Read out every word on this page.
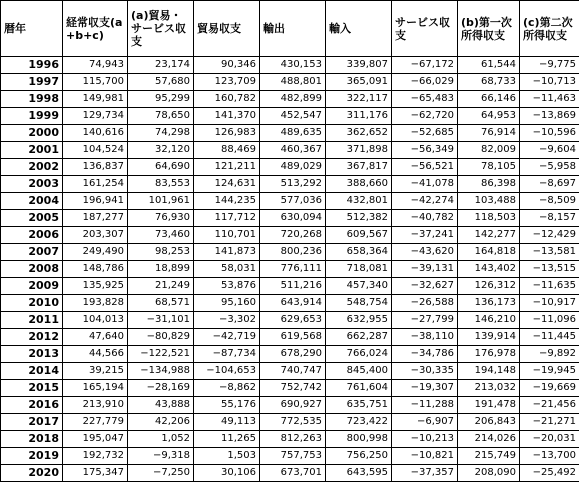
暦年	経常収支(a+b+c)	(a)貿易・サービス収支	貿易収支	輸出	輸入	サービス収支	(b)第一次所得収支	(c)第二次所得収支
1996	74,943	23,174	90,346	430,153	339,807	−67,172	61,544	−9,775
1997	115,700	57,680	123,709	488,801	365,091	−66,029	68,733	−10,713
1998	149,981	95,299	160,782	482,899	322,117	−65,483	66,146	−11,463
1999	129,734	78,650	141,370	452,547	311,176	−62,720	64,953	−13,869
2000	140,616	74,298	126,983	489,635	362,652	−52,685	76,914	−10,596
2001	104,524	32,120	88,469	460,367	371,898	−56,349	82,009	−9,604
2002	136,837	64,690	121,211	489,029	367,817	−56,521	78,105	−5,958
2003	161,254	83,553	124,631	513,292	388,660	−41,078	86,398	−8,697
2004	196,941	101,961	144,235	577,036	432,801	−42,274	103,488	−8,509
2005	187,277	76,930	117,712	630,094	512,382	−40,782	118,503	−8,157
2006	203,307	73,460	110,701	720,268	609,567	−37,241	142,277	−12,429
2007	249,490	98,253	141,873	800,236	658,364	−43,620	164,818	−13,581
2008	148,786	18,899	58,031	776,111	718,081	−39,131	143,402	−13,515
2009	135,925	21,249	53,876	511,216	457,340	−32,627	126,312	−11,635
2010	193,828	68,571	95,160	643,914	548,754	−26,588	136,173	−10,917
2011	104,013	−31,101	−3,302	629,653	632,955	−27,799	146,210	−11,096
2012	47,640	−80,829	−42,719	619,568	662,287	−38,110	139,914	−11,445
2013	44,566	−122,521	−87,734	678,290	766,024	−34,786	176,978	−9,892
2014	39,215	−134,988	−104,653	740,747	845,400	−30,335	194,148	−19,945
2015	165,194	−28,169	−8,862	752,742	761,604	−19,307	213,032	−19,669
2016	213,910	43,888	55,176	690,927	635,751	−11,288	191,478	−21,456
2017	227,779	42,206	49,113	772,535	723,422	−6,907	206,843	−21,271
2018	195,047	1,052	11,265	812,263	800,998	−10,213	214,026	−20,031
2019	192,732	−9,318	1,503	757,753	756,250	−10,821	215,749	−13,700
2020	175,347	−7,250	30,106	673,701	643,595	−37,357	208,090	−25,492
